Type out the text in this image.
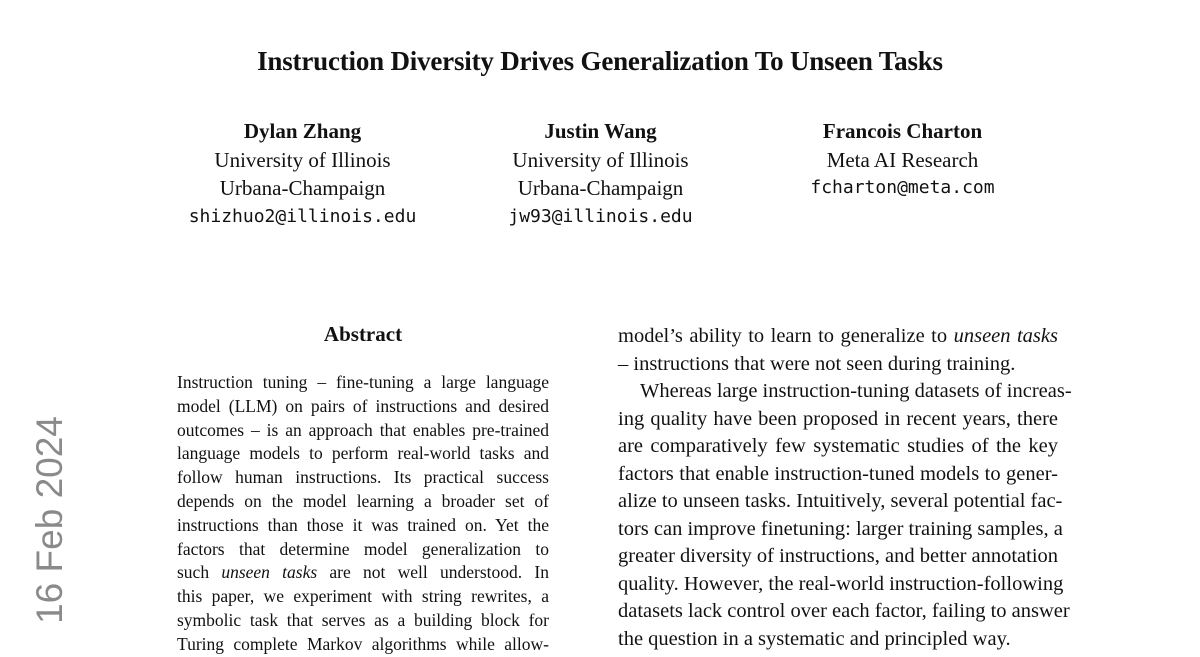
Instruction Diversity Drives Generalization To Unseen Tasks
Dylan Zhang
University of Illinois
Urbana-Champaign
shizhuo2@illinois.edu
Justin Wang
University of Illinois
Urbana-Champaign
jw93@illinois.edu
Francois Charton
Meta AI Research
fcharton@meta.com
16 Feb 2024
Abstract
Instruction tuning – fine-tuning a large language
model (LLM) on pairs of instructions and desired
outcomes – is an approach that enables pre-trained
language models to perform real-world tasks and
follow human instructions. Its practical success
depends on the model learning a broader set of
instructions than those it was trained on. Yet the
factors that determine model generalization to
such unseen tasks are not well understood. In
this paper, we experiment with string rewrites, a
symbolic task that serves as a building block for
Turing complete Markov algorithms while allow-
model’s ability to learn to generalize to unseen tasks
– instructions that were not seen during training.
Whereas large instruction-tuning datasets of increas-
ing quality have been proposed in recent years, there
are comparatively few systematic studies of the key
factors that enable instruction-tuned models to gener-
alize to unseen tasks. Intuitively, several potential fac-
tors can improve finetuning: larger training samples, a
greater diversity of instructions, and better annotation
quality. However, the real-world instruction-following
datasets lack control over each factor, failing to answer
the question in a systematic and principled way.
